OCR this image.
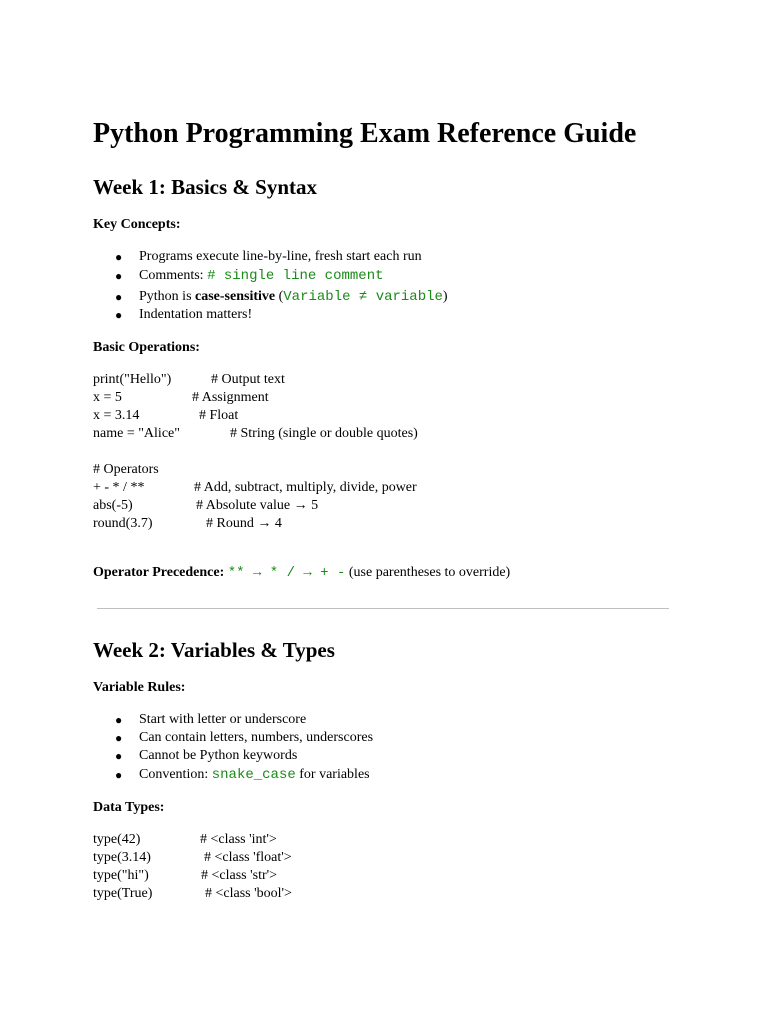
Python Programming Exam Reference Guide
Week 1: Basics & Syntax
Key Concepts:
● Programs execute line-by-line, fresh start each run
● Comments: # single line comment
● Python is case-sensitive (Variable ≠ variable)
● Indentation matters!
Basic Operations:
print("Hello")	# Output text
x = 5	# Assignment
x = 3.14	# Float
name = "Alice"	# String (single or double quotes)
# Operators
+ - * / **	# Add, subtract, multiply, divide, power
abs(-5)	# Absolute value → 5
round(3.7)	# Round → 4
Operator Precedence: ** → * / → + - (use parentheses to override)
Week 2: Variables & Types
Variable Rules:
● Start with letter or underscore
● Can contain letters, numbers, underscores
● Cannot be Python keywords
● Convention: snake_case for variables
Data Types:
type(42)	# <class 'int'>
type(3.14)	# <class 'float'>
type("hi")	# <class 'str'>
type(True)	# <class 'bool'>
